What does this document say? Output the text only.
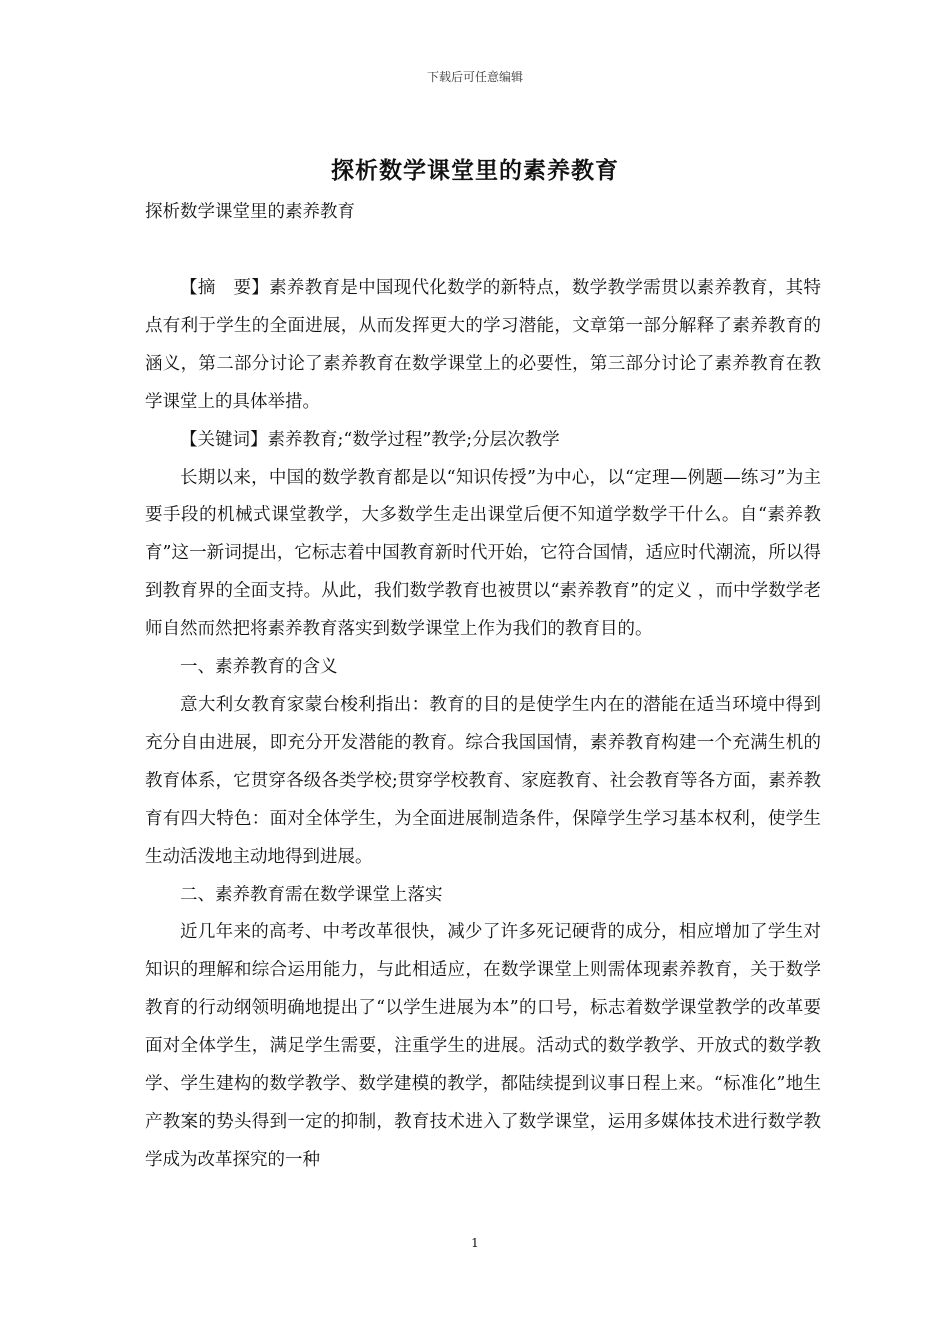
下载后可任意编辑
探析数学课堂里的素养教育
探析数学课堂里的素养教育

【摘　要】素养教育是中国现代化数学的新特点，数学教学需贯以素养教育，其特点有利于学生的全面进展，从而发挥更大的学习潜能，文章第一部分解释了素养教育的涵义，第二部分讨论了素养教育在数学课堂上的必要性，第三部分讨论了素养教育在教学课堂上的具体举措。

【关键词】素养教育;“数学过程”教学;分层次教学

长期以来，中国的数学教育都是以“知识传授”为中心，以“定理—例题—练习”为主要手段的机械式课堂教学，大多数学生走出课堂后便不知道学数学干什么。自“素养教育”这一新词提出，它标志着中国教育新时代开始，它符合国情，适应时代潮流，所以得到教育界的全面支持。从此，我们数学教育也被贯以“素养教育”的定义 ，而中学数学老师自然而然把将素养教育落实到数学课堂上作为我们的教育目的。

一、素养教育的含义

意大利女教育家蒙台梭利指出：教育的目的是使学生内在的潜能在适当环境中得到充分自由进展，即充分开发潜能的教育。综合我国国情，素养教育构建一个充满生机的教育体系，它贯穿各级各类学校;贯穿学校教育、家庭教育、社会教育等各方面，素养教育有四大特色：面对全体学生，为全面进展制造条件，保障学生学习基本权利，使学生生动活泼地主动地得到进展。

二、素养教育需在数学课堂上落实

近几年来的高考、中考改革很快，减少了许多死记硬背的成分，相应增加了学生对知识的理解和综合运用能力，与此相适应，在数学课堂上则需体现素养教育，关于数学教育的行动纲领明确地提出了“以学生进展为本”的口号，标志着数学课堂教学的改革要面对全体学生，满足学生需要，注重学生的进展。活动式的数学教学、开放式的数学教学、学生建构的数学教学、数学建模的教学，都陆续提到议事日程上来。“标准化”地生产教案的势头得到一定的抑制，教育技术进入了数学课堂，运用多媒体技术进行数学教学成为改革探究的一种

1
